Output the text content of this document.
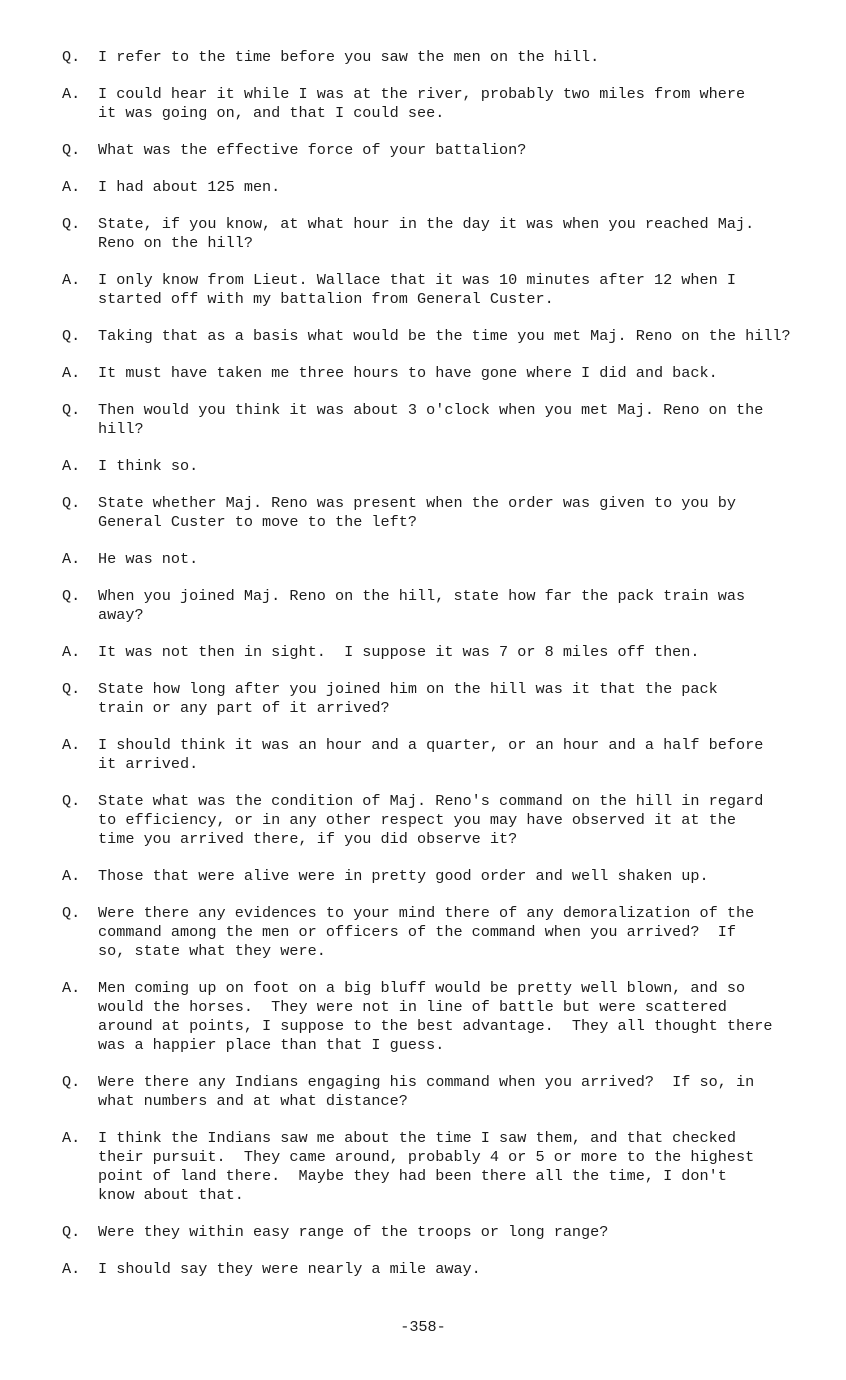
Q.	I refer to the time before you saw the men on the hill.
A.	I could hear it while I was at the river, probably two miles from where
it was going on, and that I could see.
Q.	What was the effective force of your battalion?
A.	I had about 125 men.
Q.	State, if you know, at what hour in the day it was when you reached Maj.
Reno on the hill?
A.	I only know from Lieut. Wallace that it was 10 minutes after 12 when I
started off with my battalion from General Custer.
Q.	Taking that as a basis what would be the time you met Maj. Reno on the hill?
A.	It must have taken me three hours to have gone where I did and back.
Q.	Then would you think it was about 3 o'clock when you met Maj. Reno on the
hill?
A.	I think so.
Q.	State whether Maj. Reno was present when the order was given to you by
General Custer to move to the left?
A.	He was not.
Q.	When you joined Maj. Reno on the hill, state how far the pack train was
away?
A.	It was not then in sight.  I suppose it was 7 or 8 miles off then.
Q.	State how long after you joined him on the hill was it that the pack
train or any part of it arrived?
A.	I should think it was an hour and a quarter, or an hour and a half before
it arrived.
Q.	State what was the condition of Maj. Reno's command on the hill in regard
to efficiency, or in any other respect you may have observed it at the
time you arrived there, if you did observe it?
A.	Those that were alive were in pretty good order and well shaken up.
Q.	Were there any evidences to your mind there of any demoralization of the
command among the men or officers of the command when you arrived?  If
so, state what they were.
A.	Men coming up on foot on a big bluff would be pretty well blown, and so
would the horses.  They were not in line of battle but were scattered
around at points, I suppose to the best advantage.  They all thought there
was a happier place than that I guess.
Q.	Were there any Indians engaging his command when you arrived?  If so, in
what numbers and at what distance?
A.	I think the Indians saw me about the time I saw them, and that checked
their pursuit.  They came around, probably 4 or 5 or more to the highest
point of land there.  Maybe they had been there all the time, I don't
know about that.
Q.	Were they within easy range of the troops or long range?
A.	I should say they were nearly a mile away.
-358-
